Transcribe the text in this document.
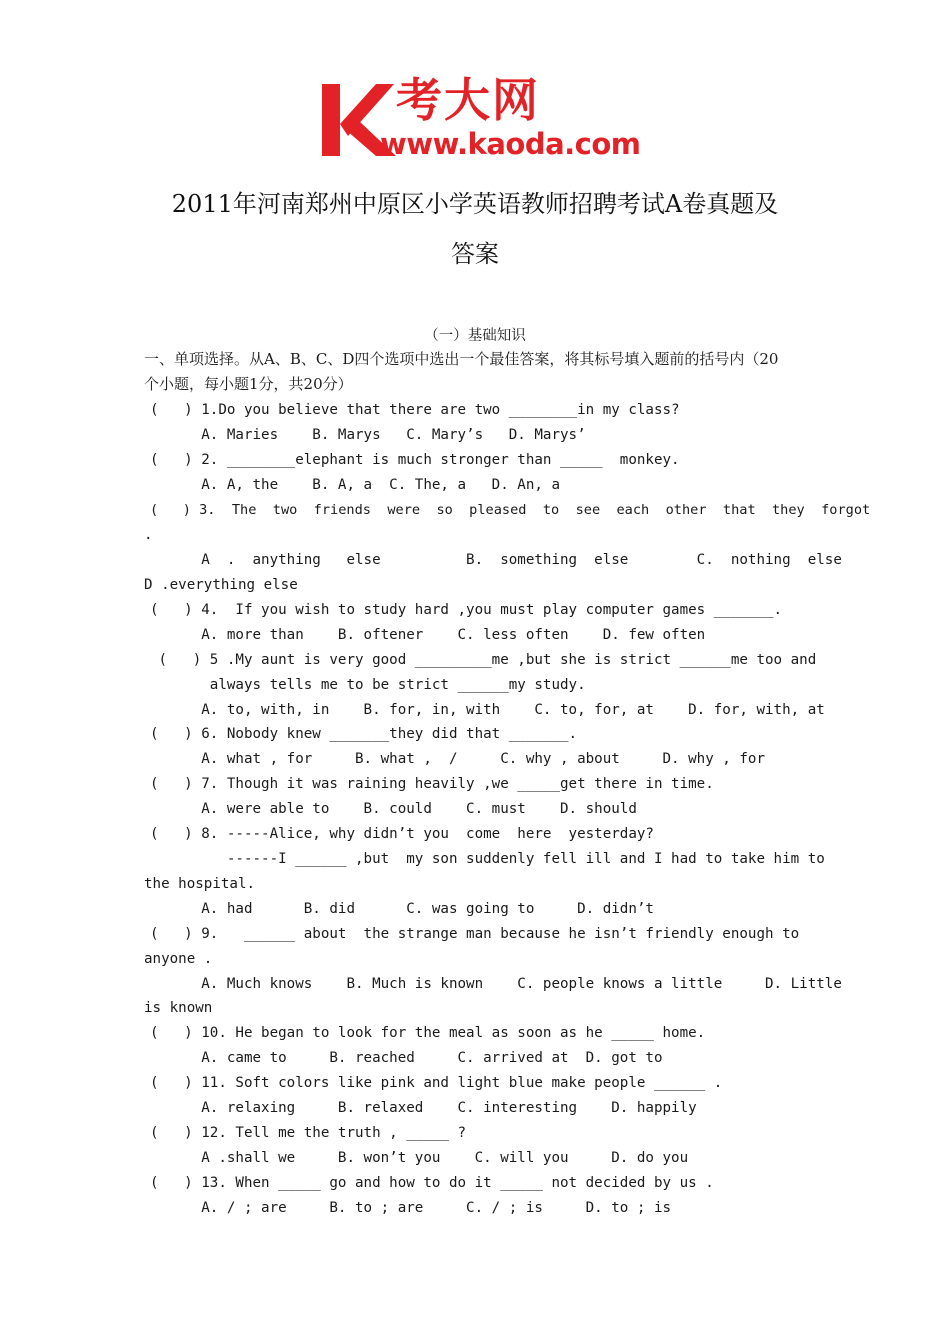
考大网
www.kaoda.com
2011年河南郑州中原区小学英语教师招聘考试A卷真题及
答案
（一）基础知识
一、单项选择。从A、B、C、D四个选项中选出一个最佳答案，将其标号填入题前的括号内（20
个小题，每小题1分，共20分）
(   ) 1.Do you believe that there are two ________in my class?
A. Maries    B. Marys   C. Mary’s   D. Marys’
(   ) 2. ________elephant is much stronger than _____  monkey.
A. A, the    B. A, a  C. The, a   D. An, a
(   ) 3.  The  two  friends  were  so  pleased  to  see  each  other  that  they  forgot
.
A  .  anything   else          B.  something  else        C.  nothing  else
D .everything else
(   ) 4.  If you wish to study hard ,you must play computer games _______.
A. more than    B. oftener    C. less often    D. few often
(   ) 5 .My aunt is very good _________me ,but she is strict ______me too and
always tells me to be strict ______my study.
A. to, with, in    B. for, in, with    C. to, for, at    D. for, with, at
(   ) 6. Nobody knew _______they did that _______.
A. what , for     B. what ,  /     C. why , about     D. why , for
(   ) 7. Though it was raining heavily ,we _____get there in time.
A. were able to    B. could    C. must    D. should
(   ) 8. -----Alice, why didn’t you  come  here  yesterday?
------I ______ ,but  my son suddenly fell ill and I had to take him to
the hospital.
A. had      B. did      C. was going to     D. didn’t
(   ) 9.   ______ about  the strange man because he isn’t friendly enough to
anyone .
A. Much knows    B. Much is known    C. people knows a little     D. Little
is known
(   ) 10. He began to look for the meal as soon as he _____ home.
A. came to     B. reached     C. arrived at  D. got to
(   ) 11. Soft colors like pink and light blue make people ______ .
A. relaxing     B. relaxed    C. interesting    D. happily
(   ) 12. Tell me the truth , _____ ?
A .shall we     B. won’t you    C. will you     D. do you
(   ) 13. When _____ go and how to do it _____ not decided by us .
A. / ; are     B. to ; are     C. / ; is     D. to ; is
